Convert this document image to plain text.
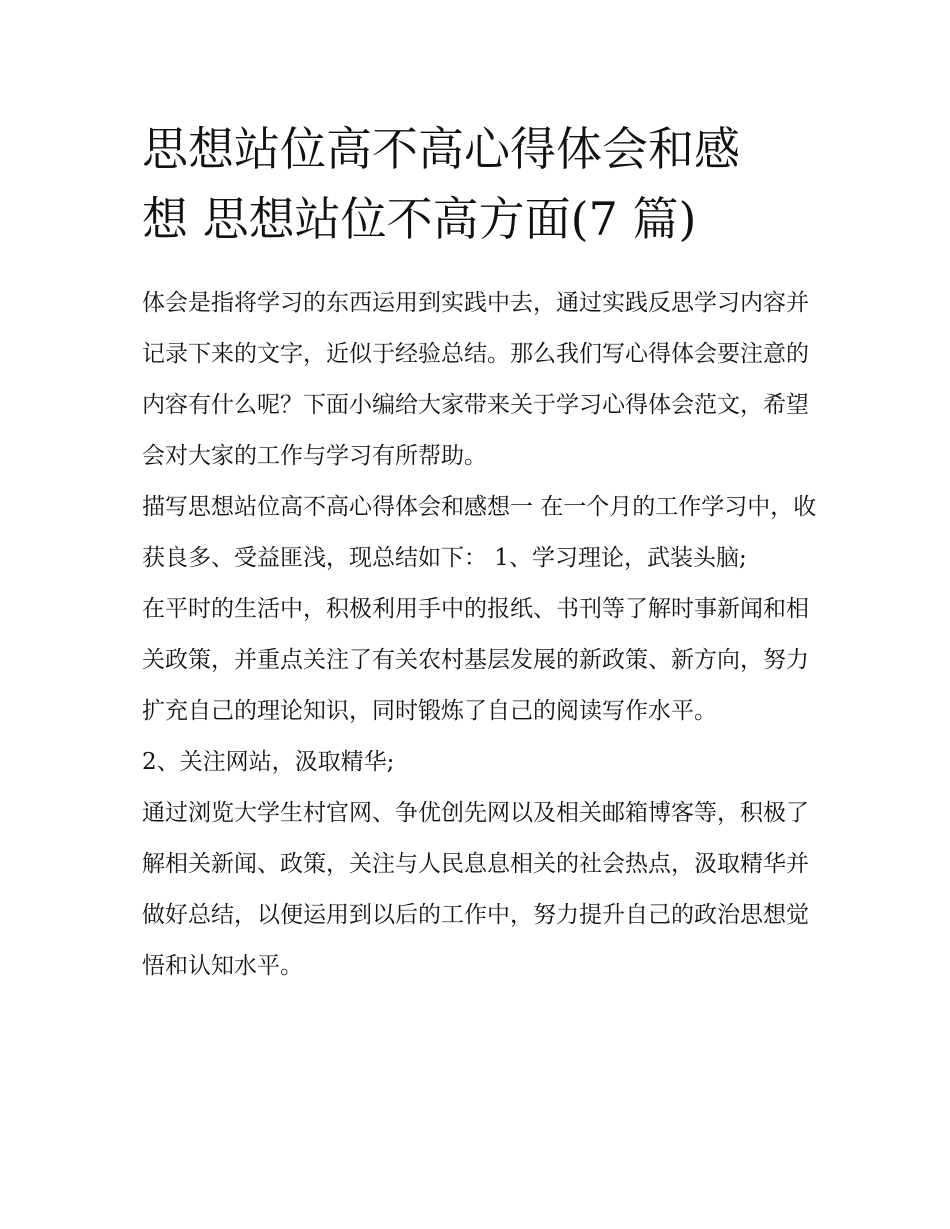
思想站位高不高心得体会和感
想 思想站位不高方面(7 篇)

体会是指将学习的东西运用到实践中去，通过实践反思学习内容并记录下来的文字，近似于经验总结。那么我们写心得体会要注意的内容有什么呢？下面小编给大家带来关于学习心得体会范文，希望会对大家的工作与学习有所帮助。

描写思想站位高不高心得体会和感想一 在一个月的工作学习中，收获良多、受益匪浅，现总结如下： 1、学习理论，武装头脑;

在平时的生活中，积极利用手中的报纸、书刊等了解时事新闻和相关政策，并重点关注了有关农村基层发展的新政策、新方向，努力扩充自己的理论知识，同时锻炼了自己的阅读写作水平。

2、关注网站，汲取精华;

通过浏览大学生村官网、争优创先网以及相关邮箱博客等，积极了解相关新闻、政策，关注与人民息息相关的社会热点，汲取精华并做好总结，以便运用到以后的工作中，努力提升自己的政治思想觉悟和认知水平。
